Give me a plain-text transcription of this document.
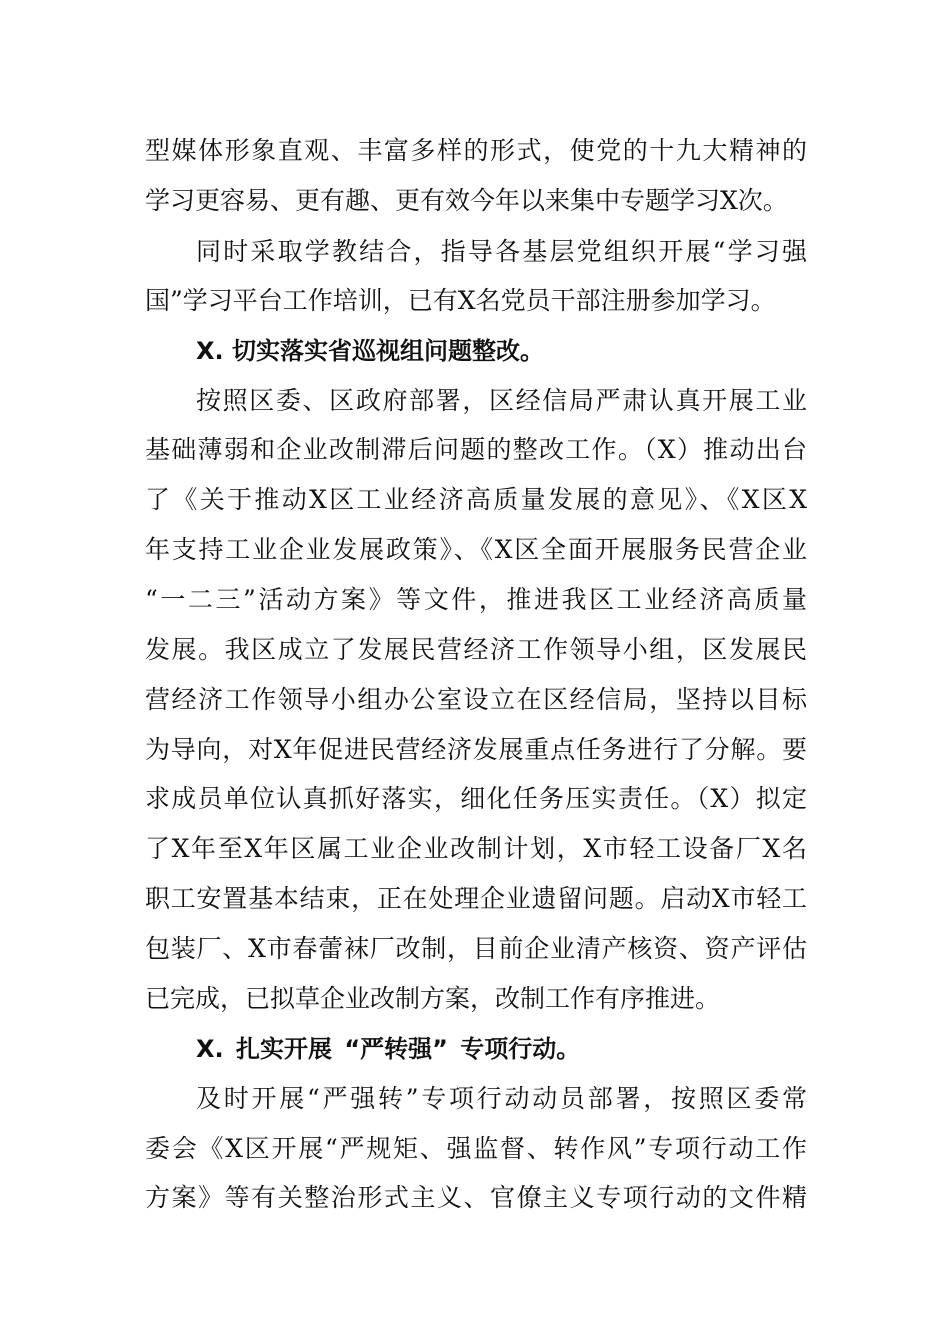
型媒体形象直观、丰富多样的形式，使党的十九大精神的
学习更容易、更有趣、更有效今年以来集中专题学习X次。
同时采取学教结合，指导各基层党组织开展“学习强
国”学习平台工作培训，已有X名党员干部注册参加学习。
X. 切实落实省巡视组问题整改。
按照区委、区政府部署，区经信局严肃认真开展工业
基础薄弱和企业改制滞后问题的整改工作。（X）推动出台
了《关于推动X区工业经济高质量发展的意见》、《X区X
年支持工业企业发展政策》、《X区全面开展服务民营企业
“一二三”活动方案》等文件，推进我区工业经济高质量
发展。我区成立了发展民营经济工作领导小组，区发展民
营经济工作领导小组办公室设立在区经信局，坚持以目标
为导向，对X年促进民营经济发展重点任务进行了分解。要
求成员单位认真抓好落实，细化任务压实责任。（X）拟定
了X年至X年区属工业企业改制计划，X市轻工设备厂X名
职工安置基本结束，正在处理企业遗留问题。启动X市轻工
包装厂、X市春蕾袜厂改制，目前企业清产核资、资产评估
已完成，已拟草企业改制方案，改制工作有序推进。
X. 扎实开展 “严转强” 专项行动。
及时开展“严强转”专项行动动员部署，按照区委常
委会《X区开展“严规矩、强监督、转作风”专项行动工作
方案》等有关整治形式主义、官僚主义专项行动的文件精
